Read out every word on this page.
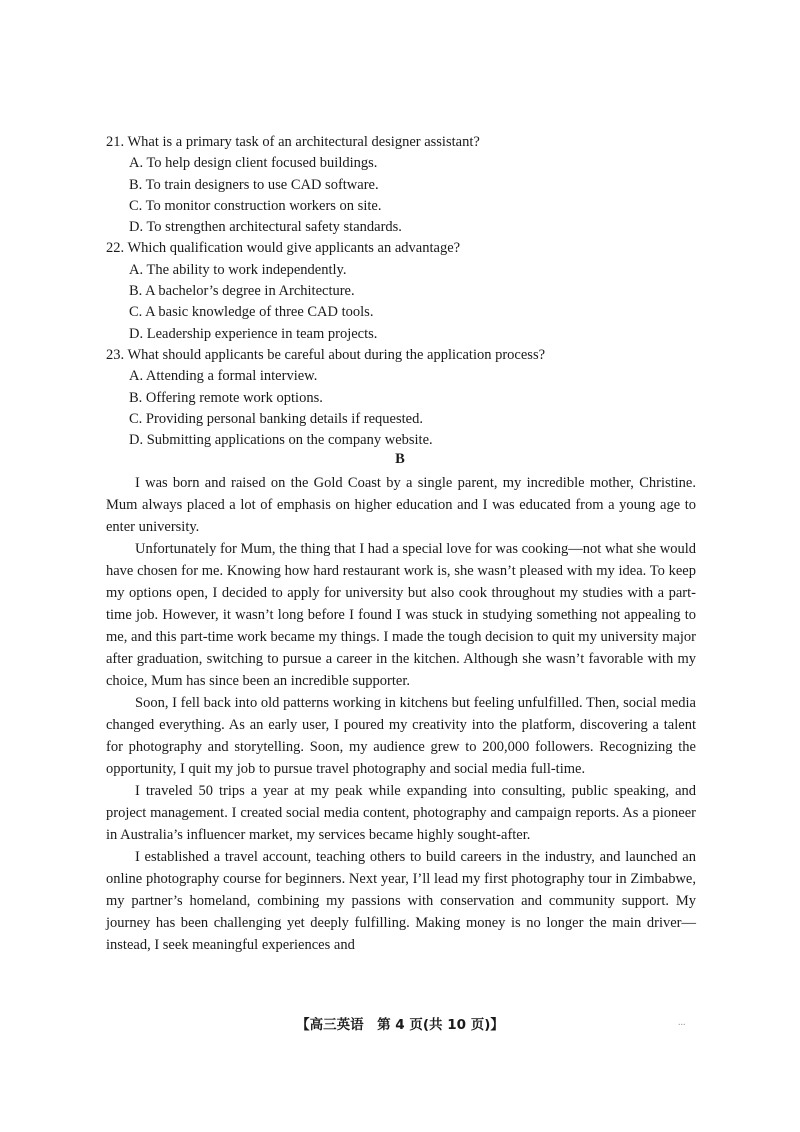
21. What is a primary task of an architectural designer assistant?
A. To help design client focused buildings.
B. To train designers to use CAD software.
C. To monitor construction workers on site.
D. To strengthen architectural safety standards.
22. Which qualification would give applicants an advantage?
A. The ability to work independently.
B. A bachelor’s degree in Architecture.
C. A basic knowledge of three CAD tools.
D. Leadership experience in team projects.
23. What should applicants be careful about during the application process?
A. Attending a formal interview.
B. Offering remote work options.
C. Providing personal banking details if requested.
D. Submitting applications on the company website.
B

I was born and raised on the Gold Coast by a single parent, my incredible mother, Christine. Mum always placed a lot of emphasis on higher education and I was educated from a young age to enter university.

Unfortunately for Mum, the thing that I had a special love for was cooking—not what she would have chosen for me. Knowing how hard restaurant work is, she wasn’t pleased with my idea. To keep my options open, I decided to apply for university but also cook throughout my studies with a part-time job. However, it wasn’t long before I found I was stuck in studying something not appealing to me, and this part-time work became my things. I made the tough decision to quit my university major after graduation, switching to pursue a career in the kitchen. Although she wasn’t favorable with my choice, Mum has since been an incredible supporter.

Soon, I fell back into old patterns working in kitchens but feeling unfulfilled. Then, social media changed everything. As an early user, I poured my creativity into the platform, discovering a talent for photography and storytelling. Soon, my audience grew to 200,000 followers. Recognizing the opportunity, I quit my job to pursue travel photography and social media full-time.

I traveled 50 trips a year at my peak while expanding into consulting, public speaking, and project management. I created social media content, photography and campaign reports. As a pioneer in Australia’s influencer market, my services became highly sought-after.

I established a travel account, teaching others to build careers in the industry, and launched an online photography course for beginners. Next year, I’ll lead my first photography tour in Zimbabwe, my partner’s homeland, combining my passions with conservation and community support. My journey has been challenging yet deeply fulfilling. Making money is no longer the main driver—instead, I seek meaningful experiences and

【高三英语　第 4 页(共 10 页)】	...
